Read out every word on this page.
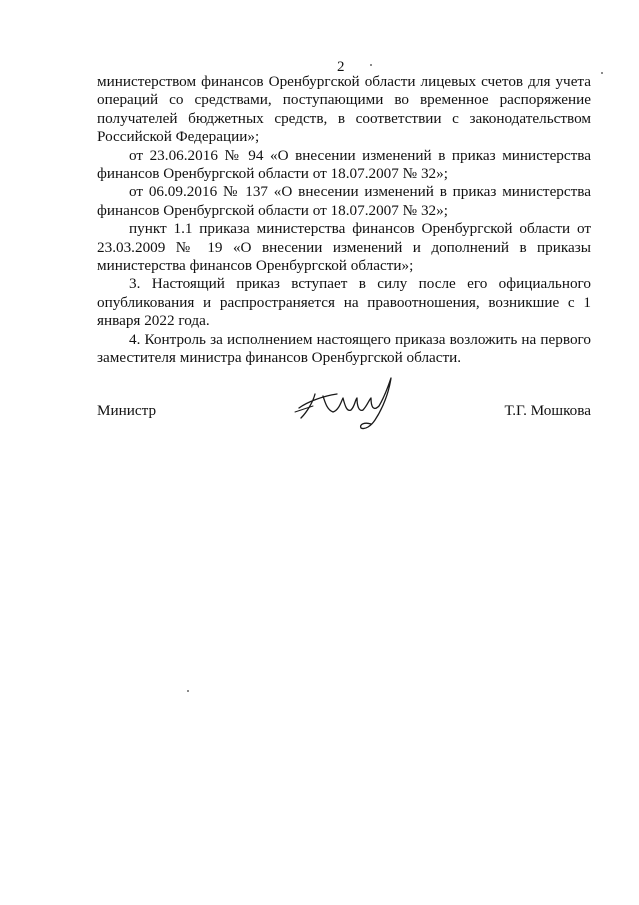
2

министерством финансов Оренбургской области лицевых счетов для учета операций со средствами, поступающими во временное распоряжение получателей бюджетных средств, в соответствии с законодательством Российской Федерации»;

от 23.06.2016 № 94 «О внесении изменений в приказ министерства финансов Оренбургской области от 18.07.2007 № 32»;

от 06.09.2016 № 137 «О внесении изменений в приказ министерства финансов Оренбургской области от 18.07.2007 № 32»;

пункт 1.1 приказа министерства финансов Оренбургской области от 23.03.2009 № 19 «О внесении изменений и дополнений в приказы министерства финансов Оренбургской области»;

3. Настоящий приказ вступает в силу после его официального опубликования и распространяется на правоотношения, возникшие с 1 января 2022 года.

4. Контроль за исполнением настоящего приказа возложить на первого заместителя министра финансов Оренбургской области.

Министр	Т.Г. Мошкова
